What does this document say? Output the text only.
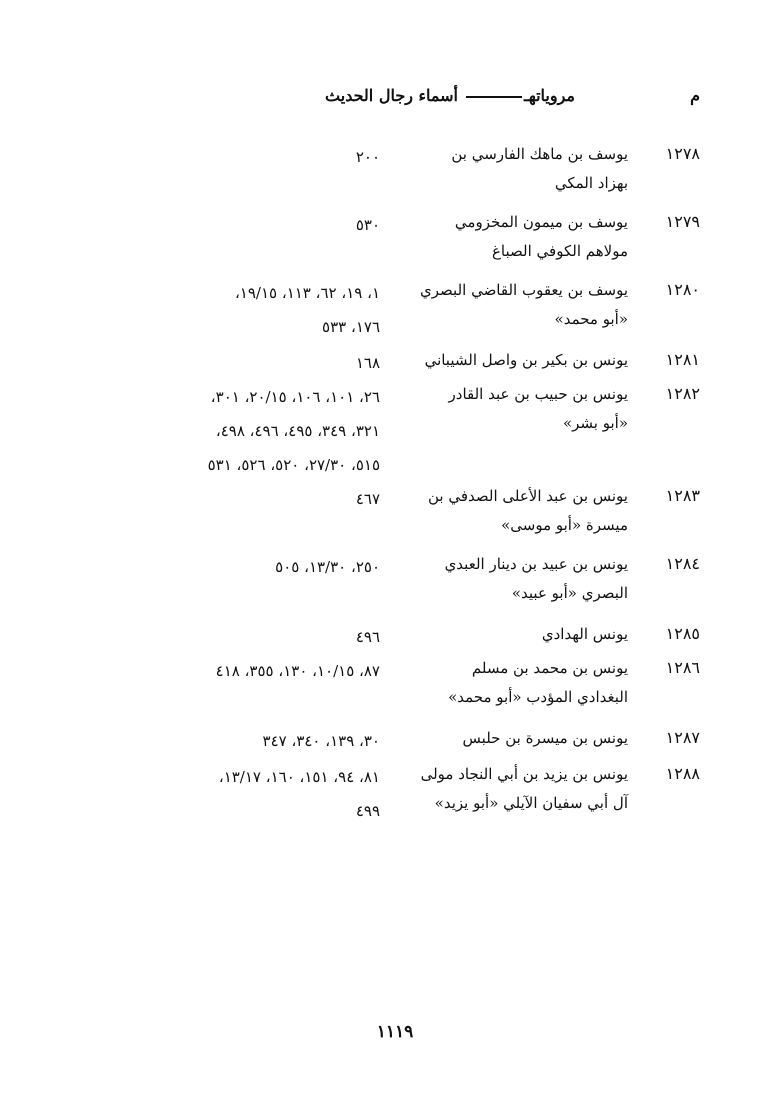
م
أسماء رجال الحديث	مروياتهـ
١٢٧٨
يوسف بن ماهك الفارسي بن
بهزاد المكي
٢٠٠
١٢٧٩
يوسف بن ميمون المخزومي
مولاهم الكوفي الصباغ
٥٣٠
١٢٨٠
يوسف بن يعقوب القاضي البصري
«أبو محمد»
١، ١٩، ٦٢، ١١٣، ١٩/١٥،
١٧٦، ٥٣٣
١٢٨١
يونس بن بكير بن واصل الشيباني
١٦٨
١٢٨٢
يونس بن حبيب بن عبد القادر
«أبو بشر»
٢٦، ١٠١، ١٠٦، ٢٠/١٥، ٣٠١،
٣٢١، ٣٤٩، ٤٩٥، ٤٩٦، ٤٩٨،
٥١٥، ٢٧/٣٠، ٥٢٠، ٥٢٦، ٥٣١
١٢٨٣
يونس بن عبد الأعلى الصدفي بن
ميسرة «أبو موسى»
٤٦٧
١٢٨٤
يونس بن عبيد بن دينار العبدي
البصري «أبو عبيد»
٢٥٠، ١٣/٣٠، ٥٠٥
١٢٨٥
يونس الهدادي
٤٩٦
١٢٨٦
يونس بن محمد بن مسلم
البغدادي المؤدب «أبو محمد»
٨٧، ١٠/١٥، ١٣٠، ٣٥٥، ٤١٨
١٢٨٧
يونس بن ميسرة بن حلبس
٣٠، ١٣٩، ٣٤٠، ٣٤٧
١٢٨٨
يونس بن يزيد بن أبي النجاد مولى
آل أبي سفيان الآيلي «أبو يزيد»
٨١، ٩٤، ١٥١، ١٦٠، ١٣/١٧،
٤٩٩
١١١٩
